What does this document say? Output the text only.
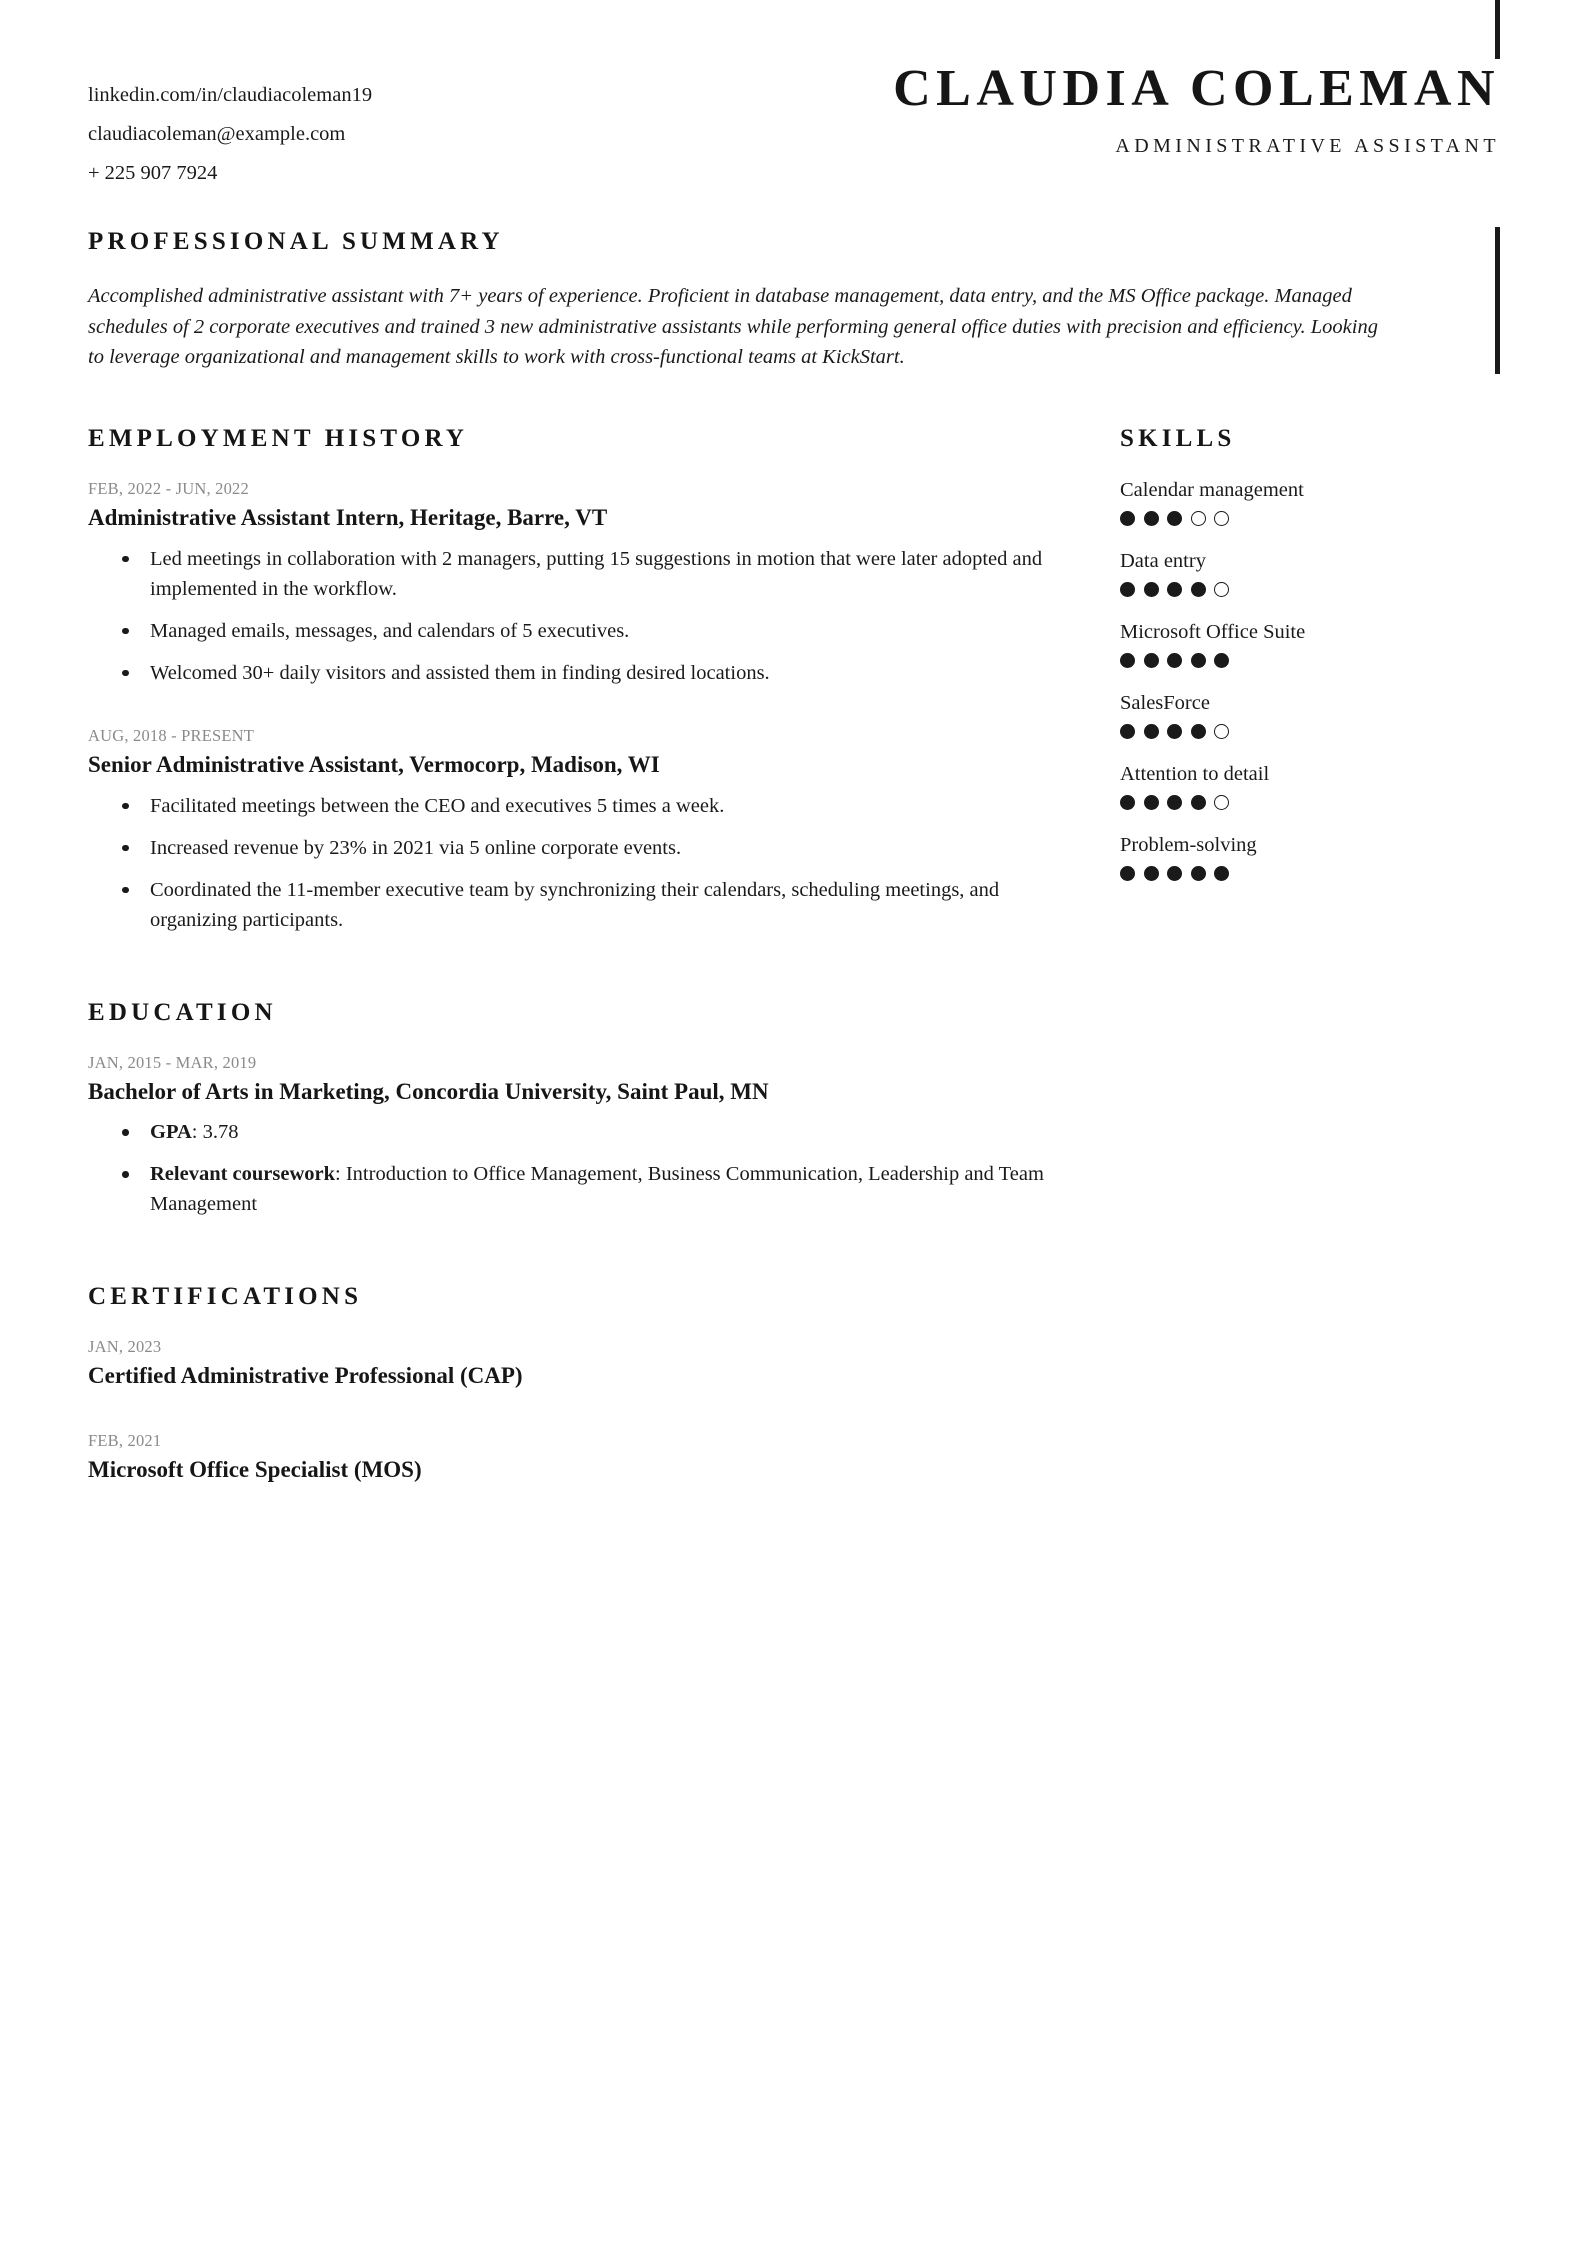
linkedin.com/in/claudiacoleman19
claudiacoleman@example.com
+ 225 907 7924
CLAUDIA COLEMAN
ADMINISTRATIVE ASSISTANT
PROFESSIONAL SUMMARY
Accomplished administrative assistant with 7+ years of experience. Proficient in database management, data entry, and the MS Office package. Managed schedules of 2 corporate executives and trained 3 new administrative assistants while performing general office duties with precision and efficiency. Looking to leverage organizational and management skills to work with cross-functional teams at KickStart.
EMPLOYMENT HISTORY
FEB, 2022 - JUN, 2022
Administrative Assistant Intern, Heritage, Barre, VT
Led meetings in collaboration with 2 managers, putting 15 suggestions in motion that were later adopted and implemented in the workflow.
Managed emails, messages, and calendars of 5 executives.
Welcomed 30+ daily visitors and assisted them in finding desired locations.
AUG, 2018 - PRESENT
Senior Administrative Assistant, Vermocorp, Madison, WI
Facilitated meetings between the CEO and executives 5 times a week.
Increased revenue by 23% in 2021 via 5 online corporate events.
Coordinated the 11-member executive team by synchronizing their calendars, scheduling meetings, and organizing participants.
EDUCATION
JAN, 2015 - MAR, 2019
Bachelor of Arts in Marketing, Concordia University, Saint Paul, MN
GPA: 3.78
Relevant coursework: Introduction to Office Management, Business Communication, Leadership and Team Management
CERTIFICATIONS
JAN, 2023
Certified Administrative Professional (CAP)
FEB, 2021
Microsoft Office Specialist (MOS)
SKILLS
Calendar management
Data entry
Microsoft Office Suite
SalesForce
Attention to detail
Problem-solving
